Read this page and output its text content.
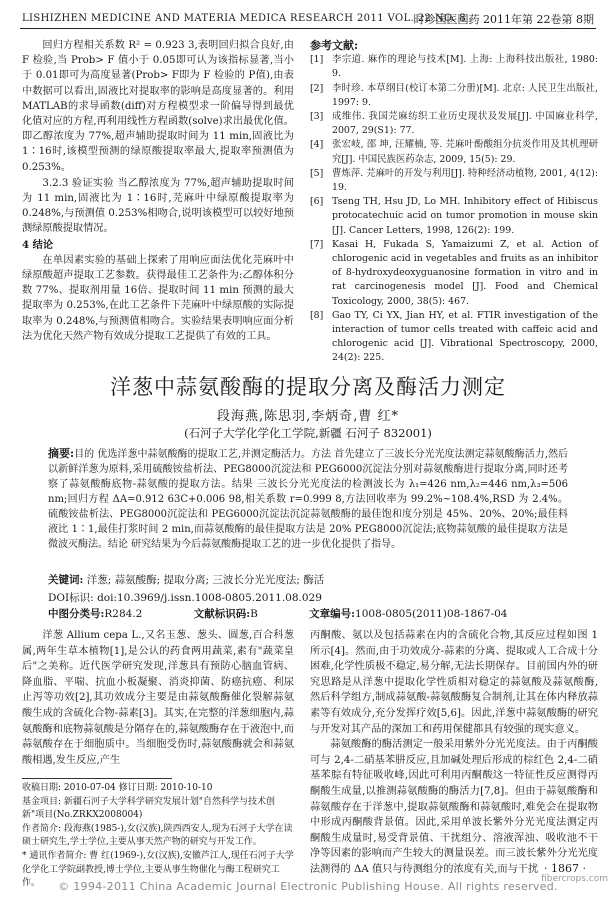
LISHIZHEN MEDICINE AND MATERIA MEDICA RESEARCH 2011 VOL. 22 NO. 8
时珍国医国药 2011年第 22卷第 8期

回归方程相关系数 R² = 0.923 3,表明回归拟合良好,由 F 检验,当 Prob> F 值小于 0.05即可认为该指标显著,当小于 0.01即可为高度显著(Prob> F即为 F 检验的 P值),由表中数据可以看出,固液比对提取率的影响是高度显著的。利用 MATLAB的求导函数(diff)对方程模型求一阶偏导得到最优化值对应的方程,再利用线性方程函数(solve)求出最优化值。即乙醇浓度为 77%,超声辅助提取时间为 11 min,固液比为 1∶16时,该模型预测的绿原酸提取率最大,提取率预测值为 0.253%。

3.2.3 验证实验 当乙醇浓度为 77%,超声辅助提取时间为 11 min,固液比为 1∶16时,芫麻叶中绿原酸提取率为 0.248%,与预测值 0.253%相吻合,说明该模型可以较好地预测绿原酸提取情况。

4 结论

在单因素实验的基础上探索了用响应面法优化芫麻叶中绿原酸超声提取工艺参数。获得最佳工艺条件为:乙醇体积分数 77%、提取剂用量 16倍、提取时间 11 min 预测的最大提取率为 0.253%,在此工艺条件下芫麻叶中绿原酸的实际提取率为 0.248%,与预测值相吻合。实验结果表明响应面分析法为优化天然产物有效成分提取工艺提供了有效的工具。

参考文献:

[1] 李宗道. 麻作的理论与技术[M]. 上海: 上海科技出版社, 1980: 9.
[2] 李时珍. 本草纲目(校订本第二分册)[M]. 北京: 人民卫生出版社, 1997: 9.
[3] 成维伟. 我国芫麻纺织工业历史现状及发展[J]. 中国麻业科学, 2007, 29(S1): 77.
[4] 张宏岐, 邵 坤, 汪耀楠, 等. 芫麻叶酚酸组分抗炎作用及其机理研究[J]. 中国民族医药杂志, 2009, 15(5): 29.
[5] 曹炼萍. 芫麻叶的开发与利用[J]. 特种经济动植物, 2001, 4(12): 19.
[6] Tseng TH, Hsu JD, Lo MH. Inhibitory effect of Hibiscus protocatechuic acid on tumor promotion in mouse skin [J]. Cancer Letters, 1998, 126(2): 199.
[7] Kasai H, Fukada S, Yamaizumi Z, et al. Action of chlorogenic acid in vegetables and fruits as an inhibitor of 8-hydroxydeoxyguanosine formation in vitro and in rat carcinogenesis model [J]. Food and Chemical Toxicology, 2000, 38(5): 467.
[8] Gao TY, Ci YX, Jian HY, et al. FTIR investigation of the interaction of tumor cells treated with caffeic acid and chlorogenic acid [J]. Vibrational Spectroscopy, 2000, 24(2): 225.
洋葱中蒜氨酸酶的提取分离及酶活力测定
段海燕,陈思羽,李炳奇,曹 红*
(石河子大学化学化工学院,新疆 石河子 832001)
摘要:目的 优选洋葱中蒜氨酸酶的提取工艺,并测定酶活力。方法 首先建立了三波长分光光度法测定蒜氨酸酶活力,然后以新鲜洋葱为原料,采用硫酸铵盐析法、PEG8000沉淀法和 PEG6000沉淀法分别对蒜氨酸酶进行提取分离,同时还考察了蒜氨酸酶底物-蒜氨酸的提取方法。结果 三波长分光光度法的检测波长为 λ₁=426 nm,λ₂=446 nm,λ₃=506 nm;回归方程 ΔA=0.912 63C+0.006 98,相关系数 r=0.999 8,方法回收率为 99.2%~108.4%,RSD 为 2.4%。硫酸铵盐析法、PEG8000沉淀法和 PEG6000沉淀法沉淀蒜氨酸酶的最佳饱和度分别是 45%、20%、20%;最佳料液比 1∶1,最佳打浆时间 2 min,而蒜氨酸酶的最佳提取方法是 20% PEG8000沉淀法;底物蒜氨酸的最佳提取方法是微波灭酶法。结论 研究结果为今后蒜氨酸酶提取工艺的进一步优化提供了指导。
关键词: 洋葱; 蒜氨酸酶; 提取分离; 三波长分光光度法; 酶活
DOI标识: doi:10.3969/j.issn.1008-0805.2011.08.029
中图分类号:R284.2	文献标识码:B	文章编号:1008-0805(2011)08-1867-04

洋葱 Allium cepa L.,又名玉葱、葱头、圆葱,百合科葱属,两年生草本植物[1],是公认的药食两用蔬菜,素有"蔬菜皇后"之美称。近代医学研究发现,洋葱具有预防心脑血管病、降血脂、平喘、抗血小板凝聚、消炎抑菌、防癌抗癌、利尿止泻等功效[2],其功效成分主要是由蒜氨酸酶催化裂解蒜氨酸生成的含硫化合物-蒜素[3]。其实,在完整的洋葱细胞内,蒜氨酸酶和底物蒜氨酸是分隔存在的,蒜氨酸酶存在于液泡中,而蒜氨酸存在于细胞质中。当细胞受伤时,蒜氨酸酶就会和蒜氨酸相遇,发生反应,产生

丙酮酸、氨以及包括蒜素在内的含硫化合物,其反应过程如图 1所示[4]。然而,由于功效成分-蒜素的分离、提取或人工合成十分困难,化学性质极不稳定,易分解,无法长期保存。目前国内外的研究思路是从洋葱中提取化学性质相对稳定的蒜氨酸及蒜氨酸酶,然后科学组方,制成蒜氨酸-蒜氨酸酶复合制剂,让其在体内释放蒜素等有效成分,充分发挥疗效[5,6]。因此,洋葱中蒜氨酸酶的研究与开发对其产品的深加工和药用保健都具有较强的现实意义。

蒜氨酸酶的酶活测定一般采用紫外分光光度法。由于丙酮酸可与 2,4-二硝基苯肼反应,且加碱处理后形成的棕红色 2,4-二硝基苯腙有特征吸收峰,因此可利用丙酮酸这一特征性反应测得丙酮酸生成量,以推测蒜氨酸酶的酶活力[7,8]。但由于蒜氨酸酶和蒜氨酸存在于洋葱中,提取蒜氨酸酶和蒜氨酸时,难免会在提取物中形成丙酮酸背景值。因此,采用单波长紫外分光光度法测定丙酮酸生成量时,易受背景值、干扰组分、溶液浑浊、吸收池不干净等因素的影响而产生较大的测量误差。而三波长紫外分光光度法测得的 ΔA 值只与待测组分的浓度有关,而与干扰

收稿日期: 2010-07-04 修订日期: 2010-10-10

基金项目: 新疆石河子大学科学研究发展计划"自然科学与技术创新"项目(No.ZRKX2008004)

作者简介: 段海燕(1985-),女(汉族),陕西西安人,现为石河子大学在读硕士研究生,学士学位,主要从事天然产物的研究与开发工作。

* 通讯作者简介: 曹 红(1969-),女(汉族),安徽芦江人,现任石河子大学化学化工学院副教授,博士学位,主要从事生物催化与酶工程研究工作。

· 1867 ·
© 1994-2011 China Academic Journal Electronic Publishing House. All rights reserved.
fibercrops.com
